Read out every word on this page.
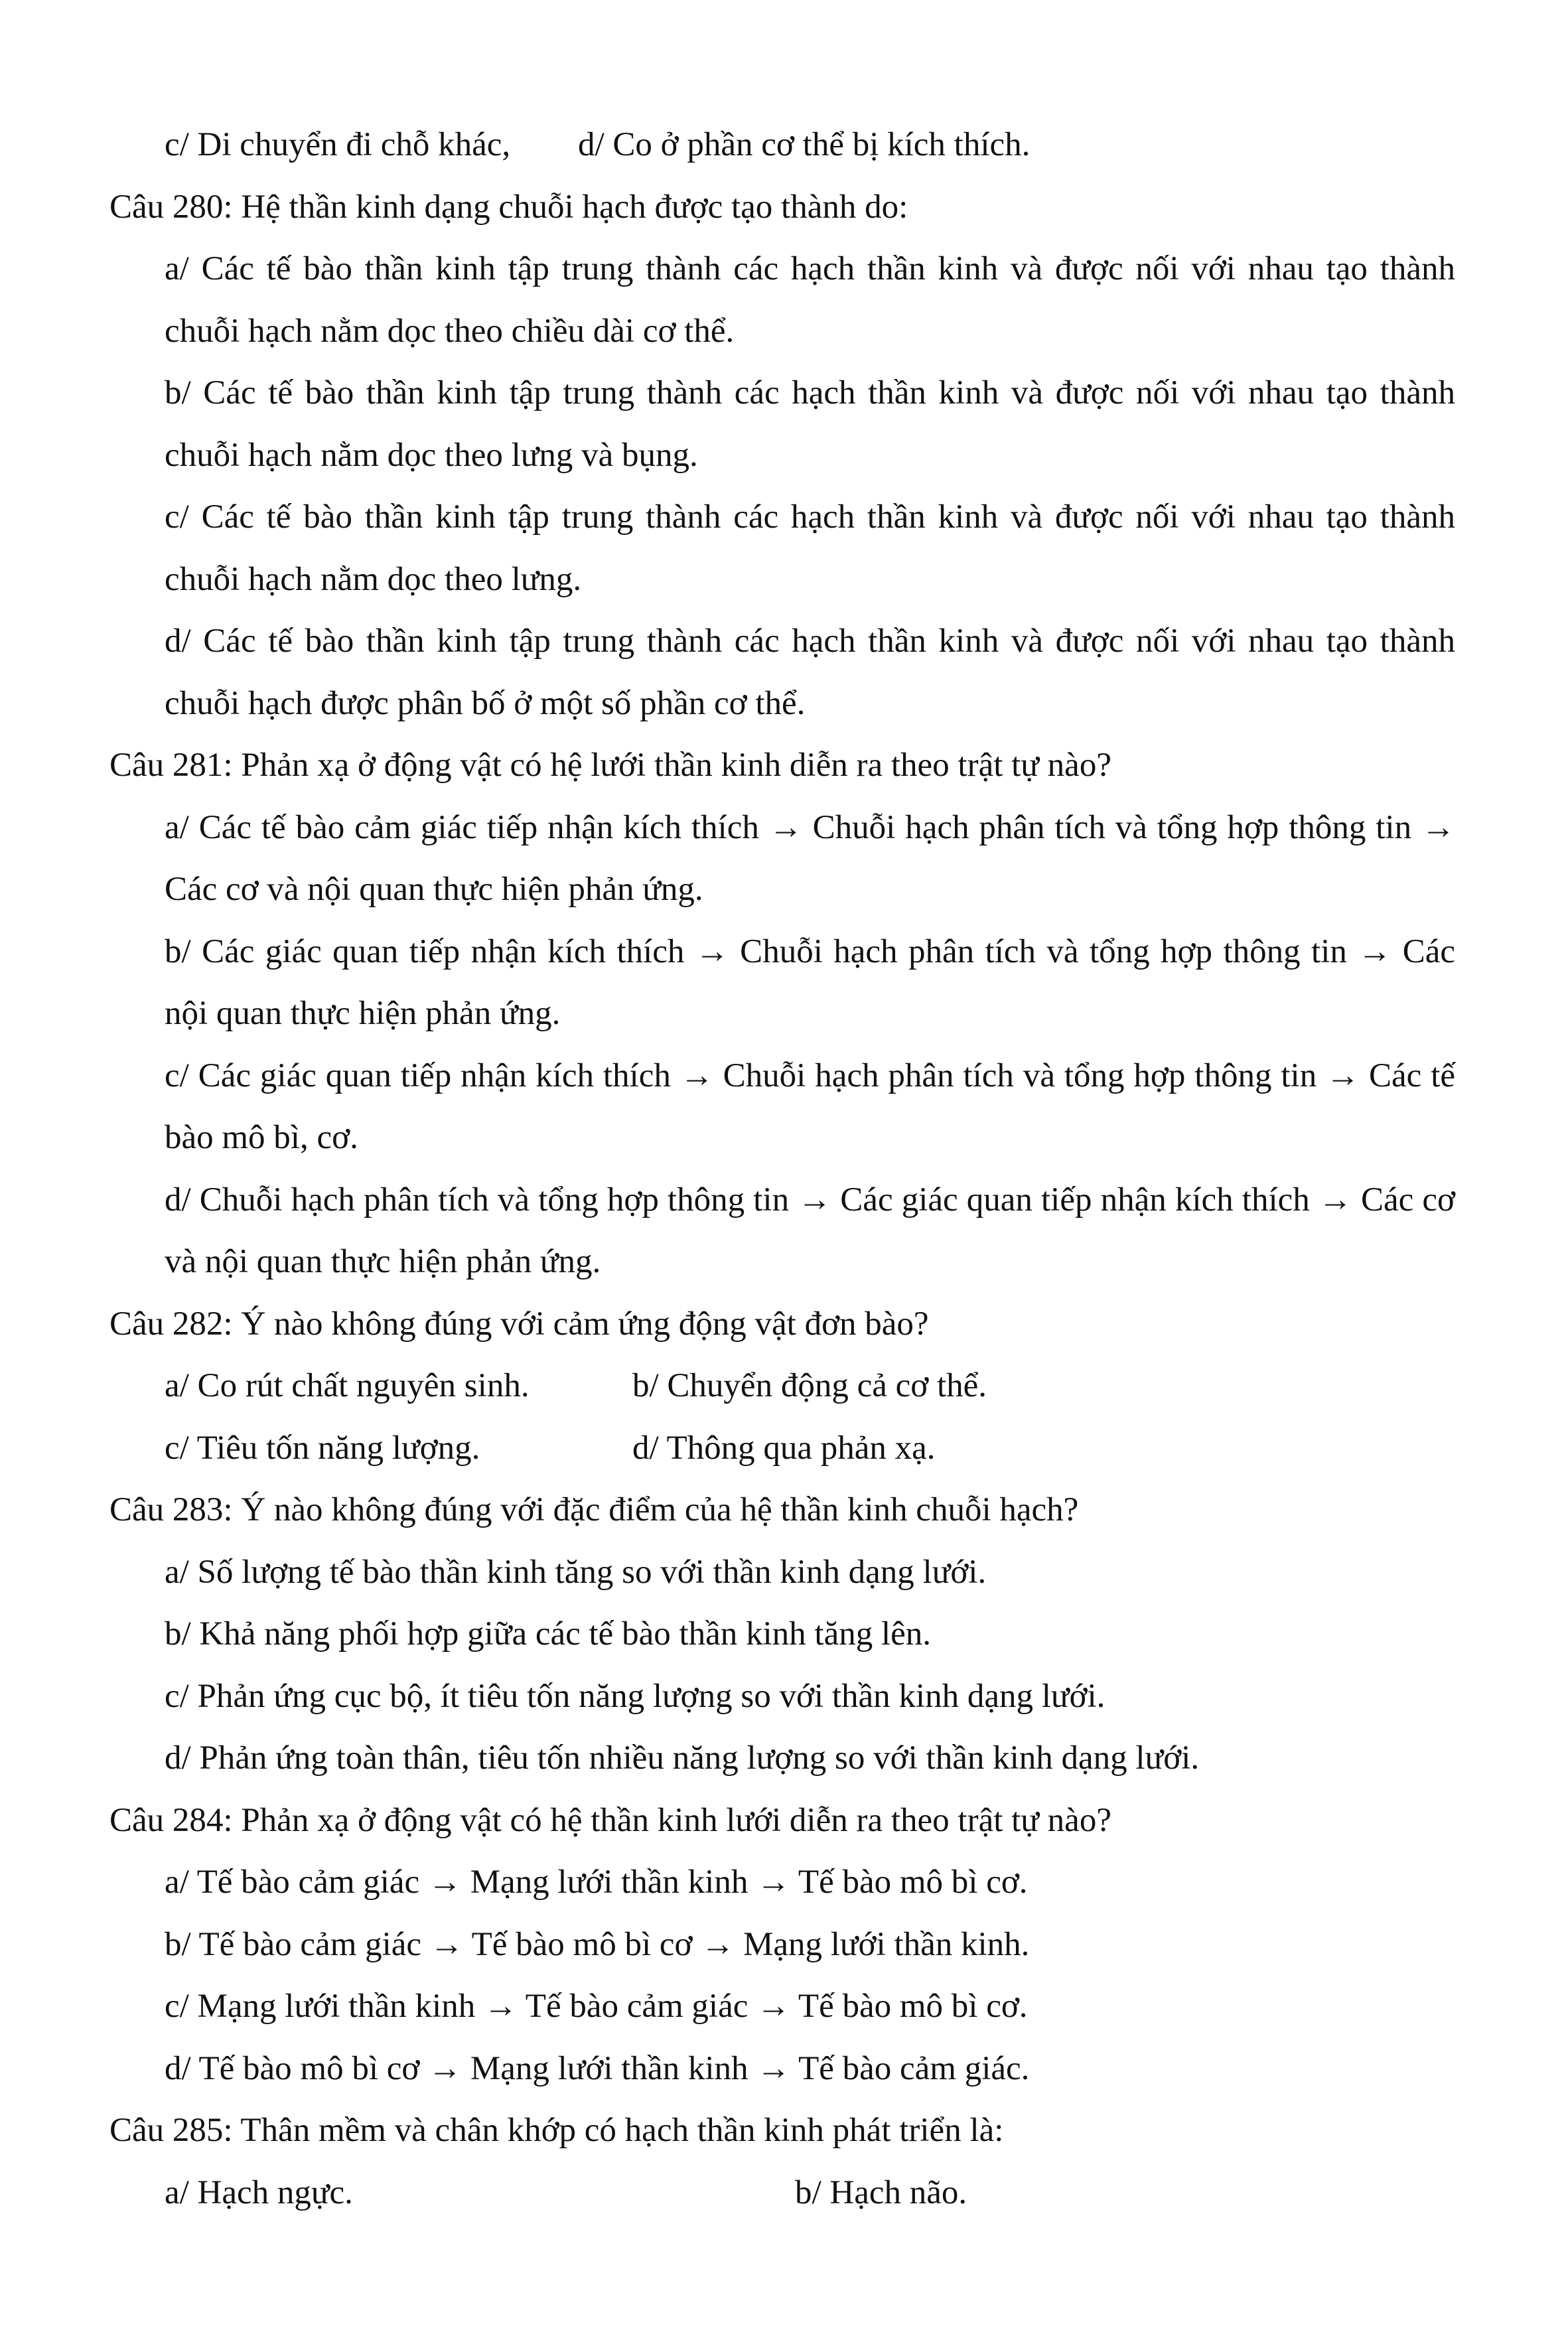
c/ Di chuyển đi chỗ khác,	d/ Co ở phần cơ thể bị kích thích.
Câu 280: Hệ thần kinh dạng chuỗi hạch được tạo thành do:
a/ Các tế bào thần kinh tập trung thành các hạch thần kinh và được nối với nhau tạo thành chuỗi hạch nằm dọc theo chiều dài cơ thể.
b/ Các tế bào thần kinh tập trung thành các hạch thần kinh và được nối với nhau tạo thành chuỗi hạch nằm dọc theo lưng và bụng.
c/ Các tế bào thần kinh tập trung thành các hạch thần kinh và được nối với nhau tạo thành chuỗi hạch nằm dọc theo lưng.
d/ Các tế bào thần kinh tập trung thành các hạch thần kinh và được nối với nhau tạo thành chuỗi hạch được phân bố ở một số phần cơ thể.
Câu 281: Phản xạ ở động vật có hệ lưới thần kinh diễn ra theo trật tự nào?
a/ Các tế bào cảm giác tiếp nhận kích thích → Chuỗi hạch phân tích và tổng hợp thông tin → Các cơ và nội quan thực hiện phản ứng.
b/ Các giác quan tiếp nhận kích thích → Chuỗi hạch phân tích và tổng hợp thông tin → Các nội quan thực hiện phản ứng.
c/ Các giác quan tiếp nhận kích thích → Chuỗi hạch phân tích và tổng hợp thông tin → Các tế bào mô bì, cơ.
d/ Chuỗi hạch phân tích và tổng hợp thông tin → Các giác quan tiếp nhận kích thích → Các cơ và nội quan thực hiện phản ứng.
Câu 282: Ý nào không đúng với cảm ứng động vật đơn bào?
a/ Co rút chất nguyên sinh.	b/ Chuyển động cả cơ thể.
c/ Tiêu tốn năng lượng.	d/ Thông qua phản xạ.
Câu 283: Ý nào không đúng với đặc điểm của hệ thần kinh chuỗi hạch?
a/ Số lượng tế bào thần kinh tăng so với thần kinh dạng lưới.
b/ Khả năng phối hợp giữa các tế bào thần kinh tăng lên.
c/ Phản ứng cục bộ, ít tiêu tốn năng lượng so với thần kinh dạng lưới.
d/ Phản ứng toàn thân, tiêu tốn nhiều năng lượng so với thần kinh dạng lưới.
Câu 284: Phản xạ ở động vật có hệ thần kinh lưới diễn ra theo trật tự nào?
a/ Tế bào cảm giác → Mạng lưới thần kinh → Tế bào mô bì cơ.
b/ Tế bào cảm giác → Tế bào mô bì cơ → Mạng lưới thần kinh.
c/ Mạng lưới thần kinh → Tế bào cảm giác → Tế bào mô bì cơ.
d/ Tế bào mô bì cơ → Mạng lưới thần kinh → Tế bào cảm giác.
Câu 285: Thân mềm và chân khớp có hạch thần kinh phát triển là:
a/ Hạch ngực.	b/ Hạch não.
